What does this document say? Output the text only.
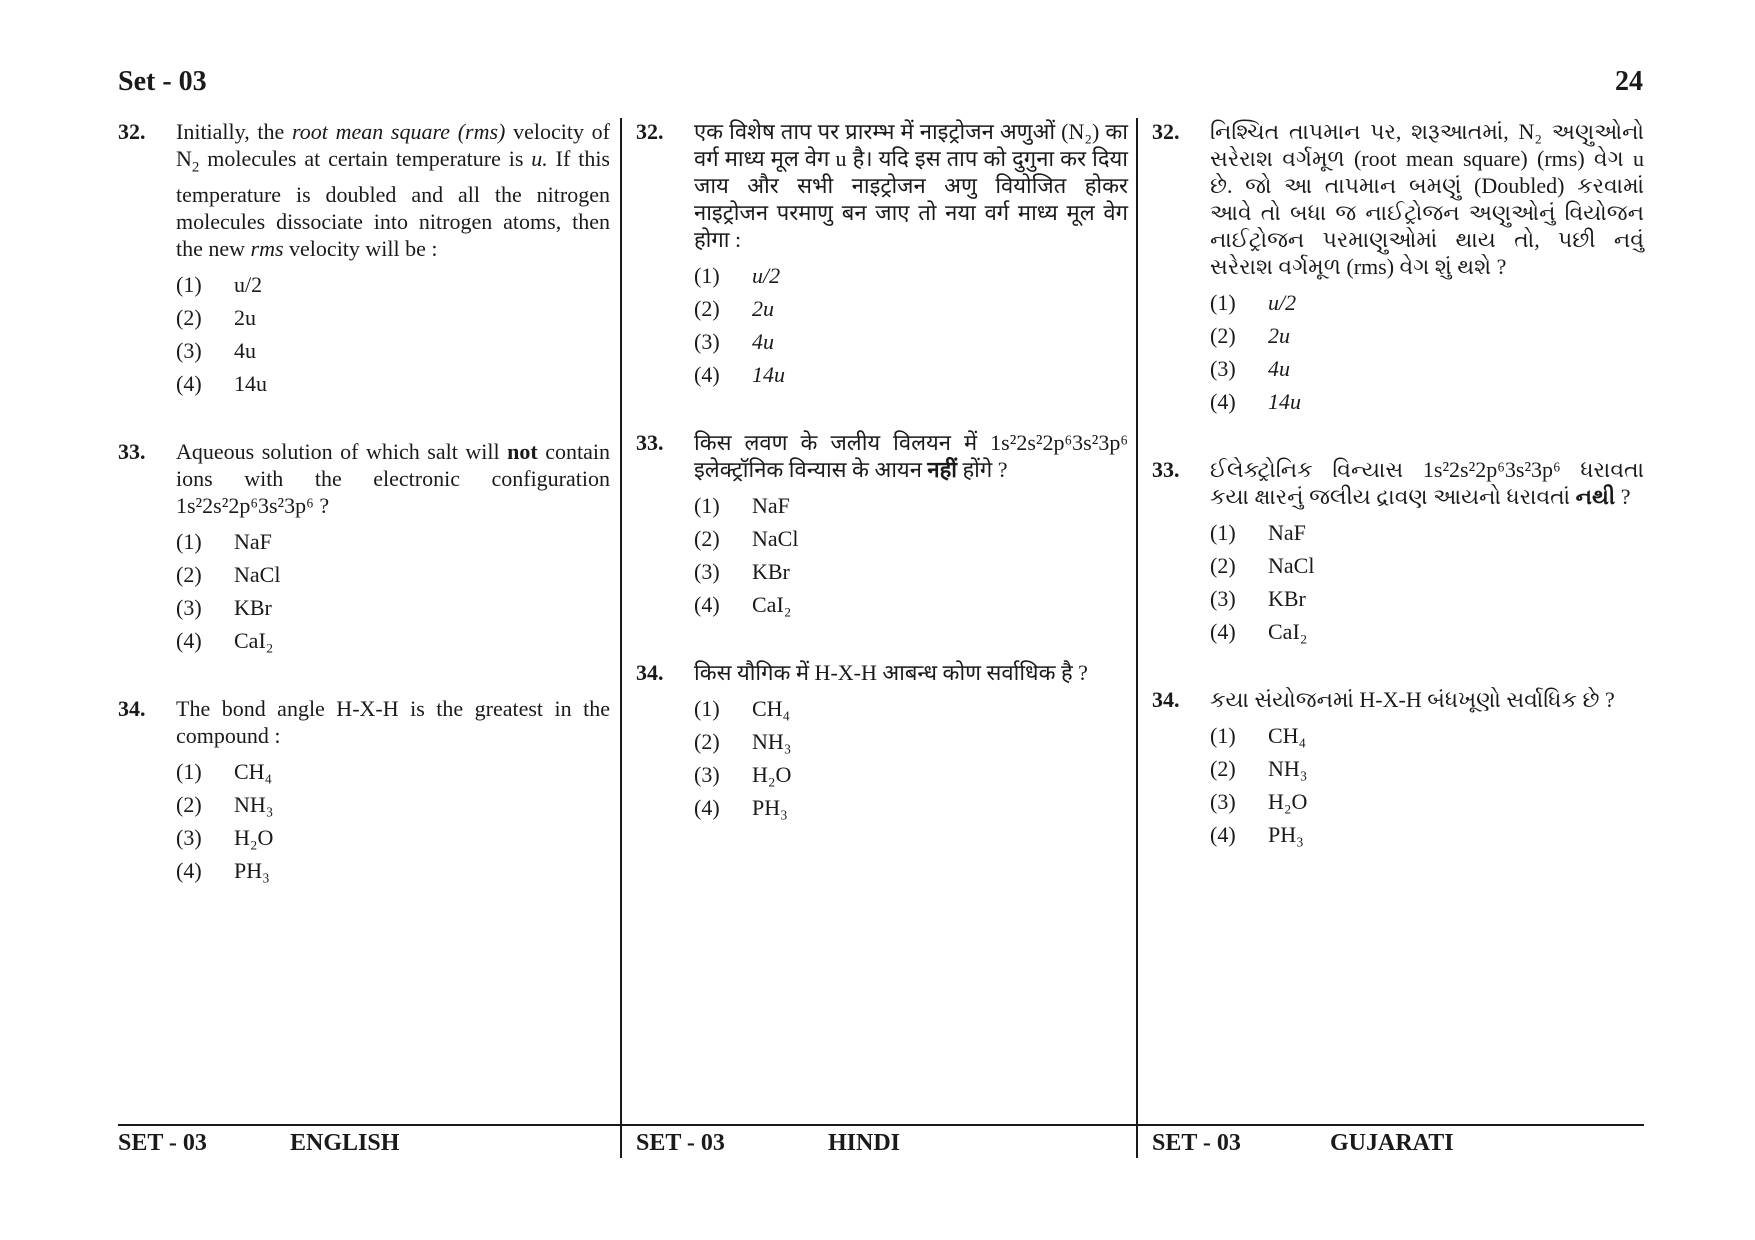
Set - 03	24
32. Initially, the root mean square (rms) velocity of $N_2$ molecules at certain temperature is u. If this temperature is doubled and all the nitrogen molecules dissociate into nitrogen atoms, then the new rms velocity will be :
(1)	u/2
(2)	2u
(3)	4u
(4)	14u
33. Aqueous solution of which salt will not contain ions with the electronic configuration 1s²2s²2p⁶3s²3p⁶ ?
(1)	NaF
(2)	NaCl
(3)	KBr
(4)	CaI₂
34. The bond angle H-X-H is the greatest in the compound :
(1)	CH₄
(2)	NH₃
(3)	H₂O
(4)	PH₃
32. एक विशेष ताप पर प्रारम्भ में नाइट्रोजन अणुओं (N₂) का वर्ग माध्य मूल वेग u है। यदि इस ताप को दुगुना कर दिया जाय और सभी नाइट्रोजन अणु वियोजित होकर नाइट्रोजन परमाणु बन जाए तो नया वर्ग माध्य मूल वेग होगा :
(1)	u/2
(2)	2u
(3)	4u
(4)	14u
33. किस लवण के जलीय विलयन में 1s²2s²2p⁶3s²3p⁶ इलेक्ट्रॉनिक विन्यास के आयन नहीं होंगे ?
(1)	NaF
(2)	NaCl
(3)	KBr
(4)	CaI₂
34. किस यौगिक में H-X-H आबन्ध कोण सर्वाधिक है ?
(1)	CH₄
(2)	NH₃
(3)	H₂O
(4)	PH₃
32. નિશ્ચિત તાપમાન પર, શરૂઆતમાં, N₂ અણુઓનો સરેરાશ વર્ગમૂળ (root mean square) (rms) વેગ u છે. જો આ તાપમાન બમણું (Doubled) કરવામાં આવે તો બધા જ નાઈટ્રોજન અણુઓનું વિયોજન નાઈટ્રોજન પરમાણુઓમાં થાય તો, પછી નવું સરેરાશ વર્ગમૂળ (rms) વેગ શું થશે ?
(1)	u/2
(2)	2u
(3)	4u
(4)	14u
33. ઈલેક્ટ્રોનિક વિન્યાસ 1s²2s²2p⁶3s²3p⁶ ધરાવતા કયા ક્ષારનું જલીય દ્રાવણ આયનો ધરાવતાં નથી ?
(1)	NaF
(2)	NaCl
(3)	KBr
(4)	CaI₂
34. કયા સંયોજનમાં H-X-H બંધખૂણો સર્વાધિક છે ?
(1)	CH₄
(2)	NH₃
(3)	H₂O
(4)	PH₃
SET - 03	ENGLISH	SET - 03	HINDI	SET - 03	GUJARATI
